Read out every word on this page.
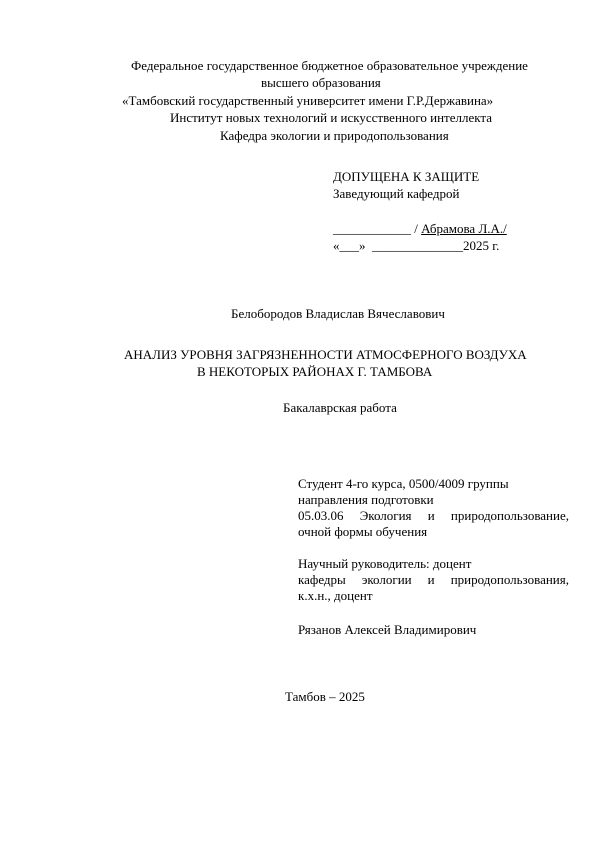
Федеральное государственное бюджетное образовательное учреждение
высшего образования
«Тамбовский государственный университет имени Г.Р.Державина»
Институт новых технологий и искусственного интеллекта
Кафедра экологии и природопользования
ДОПУЩЕНА К ЗАЩИТЕ
Заведующий кафедрой
____________ / Абрамова Л.А./
«___» ______________2025 г.
Белобородов Владислав Вячеславович
АНАЛИЗ УРОВНЯ ЗАГРЯЗНЕННОСТИ АТМОСФЕРНОГО ВОЗДУХА
В НЕКОТОРЫХ РАЙОНАХ Г. ТАМБОВА
Бакалаврская работа
Студент 4-го курса, 0500/4009 группы
направления подготовки
05.03.06 Экология и природопользование,
очной формы обучения
Научный руководитель: доцент
кафедры экологии и природопользования,
к.х.н., доцент
Рязанов Алексей Владимирович
Тамбов – 2025
